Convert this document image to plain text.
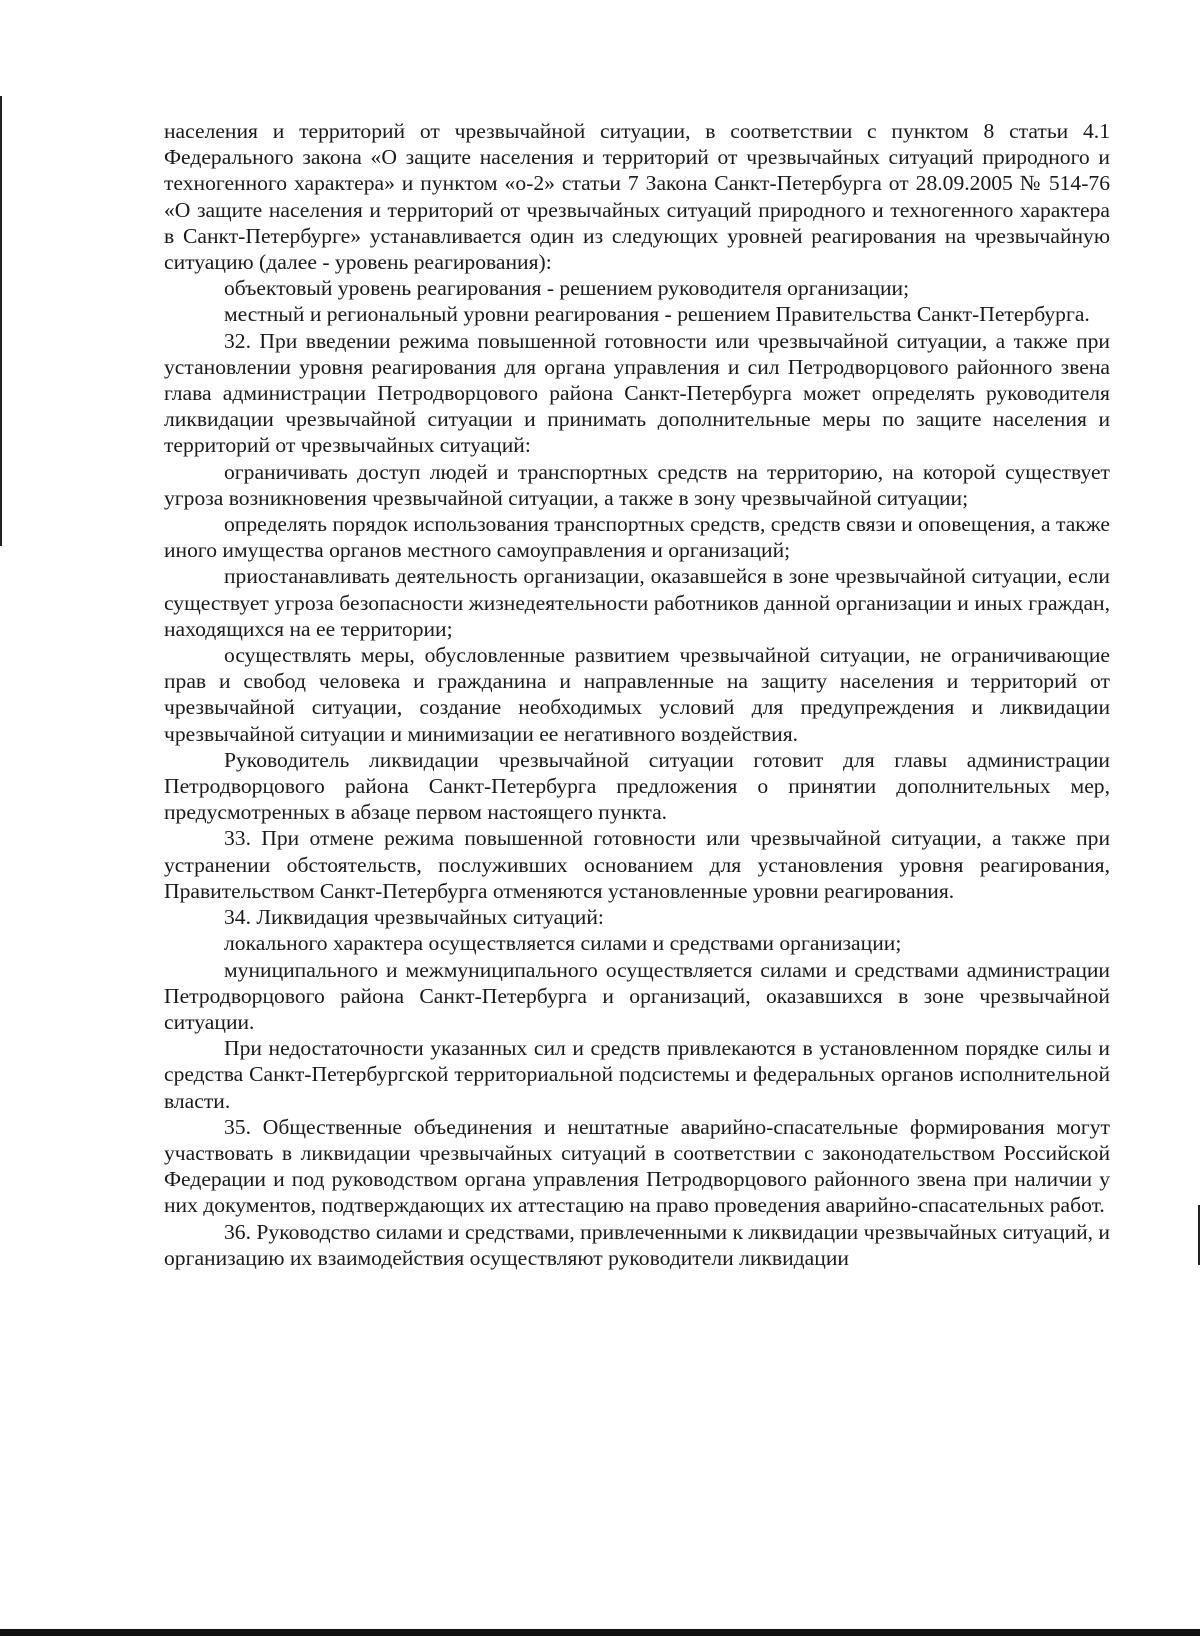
населения и территорий от чрезвычайной ситуации, в соответствии с пунктом 8 статьи 4.1 Федерального закона «О защите населения и территорий от чрезвычайных ситуаций природного и техногенного характера» и пунктом «о-2» статьи 7 Закона Санкт-Петербурга от 28.09.2005 № 514-76 «О защите населения и территорий от чрезвычайных ситуаций природного и техногенного характера в Санкт-Петербурге» устанавливается один из следующих уровней реагирования на чрезвычайную ситуацию (далее - уровень реагирования):

объектовый уровень реагирования - решением руководителя организации;

местный и региональный уровни реагирования - решением Правительства Санкт-Петербурга.

32. При введении режима повышенной готовности или чрезвычайной ситуации, а также при установлении уровня реагирования для органа управления и сил Петродворцового районного звена глава администрации Петродворцового района Санкт-Петербурга может определять руководителя ликвидации чрезвычайной ситуации и принимать дополнительные меры по защите населения и территорий от чрезвычайных ситуаций:

ограничивать доступ людей и транспортных средств на территорию, на которой существует угроза возникновения чрезвычайной ситуации, а также в зону чрезвычайной ситуации;

определять порядок использования транспортных средств, средств связи и оповещения, а также иного имущества органов местного самоуправления и организаций;

приостанавливать деятельность организации, оказавшейся в зоне чрезвычайной ситуации, если существует угроза безопасности жизнедеятельности работников данной организации и иных граждан, находящихся на ее территории;

осуществлять меры, обусловленные развитием чрезвычайной ситуации, не ограничивающие прав и свобод человека и гражданина и направленные на защиту населения и территорий от чрезвычайной ситуации, создание необходимых условий для предупреждения и ликвидации чрезвычайной ситуации и минимизации ее негативного воздействия.

Руководитель ликвидации чрезвычайной ситуации готовит для главы администрации Петродворцового района Санкт-Петербурга предложения о принятии дополнительных мер, предусмотренных в абзаце первом настоящего пункта.

33. При отмене режима повышенной готовности или чрезвычайной ситуации, а также при устранении обстоятельств, послуживших основанием для установления уровня реагирования, Правительством Санкт-Петербурга отменяются установленные уровни реагирования.

34. Ликвидация чрезвычайных ситуаций:

локального характера осуществляется силами и средствами организации;

муниципального и межмуниципального осуществляется силами и средствами администрации Петродворцового района Санкт-Петербурга и организаций, оказавшихся в зоне чрезвычайной ситуации.

При недостаточности указанных сил и средств привлекаются в установленном порядке силы и средства Санкт-Петербургской территориальной подсистемы и федеральных органов исполнительной власти.

35. Общественные объединения и нештатные аварийно-спасательные формирования могут участвовать в ликвидации чрезвычайных ситуаций в соответствии с законодательством Российской Федерации и под руководством органа управления Петродворцового районного звена при наличии у них документов, подтверждающих их аттестацию на право проведения аварийно-спасательных работ.

36. Руководство силами и средствами, привлеченными к ликвидации чрезвычайных ситуаций, и организацию их взаимодействия осуществляют руководители ликвидации
